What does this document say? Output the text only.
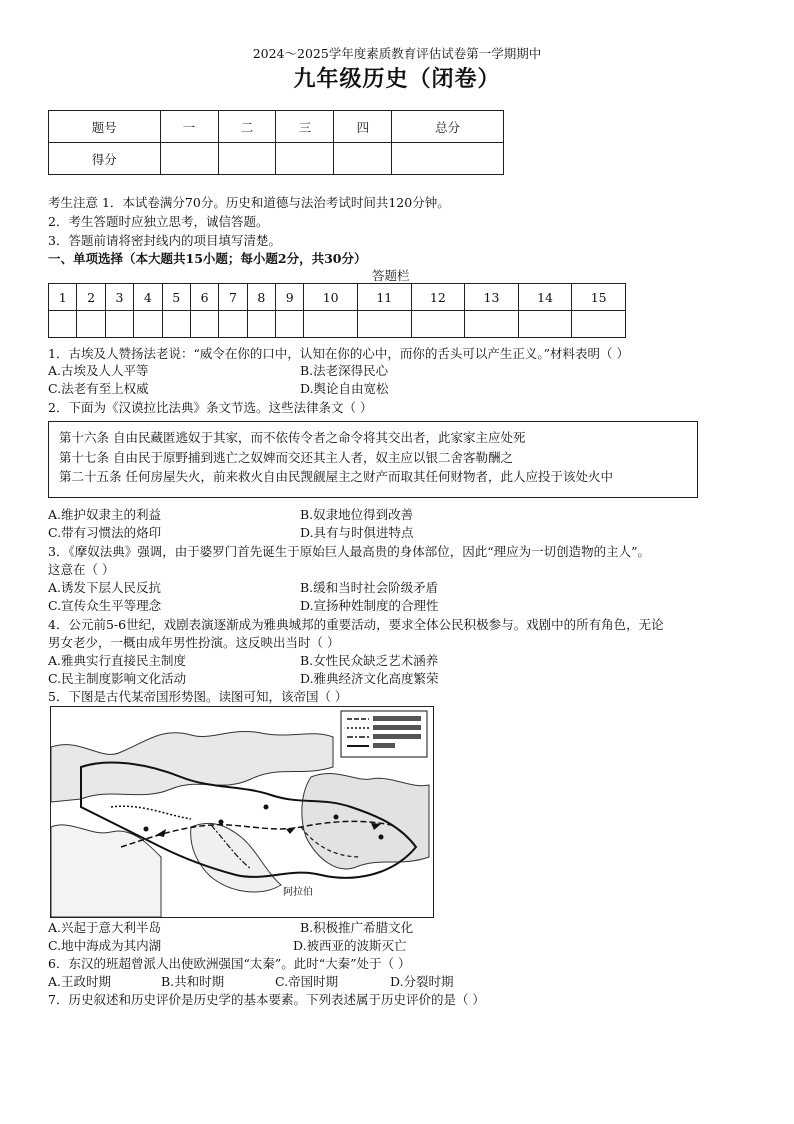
2024～2025学年度素质教育评估试卷第一学期期中
九年级历史（闭卷）
题号	一	二	三	四	总分
得分					
考生注意 1．本试卷满分70分。历史和道德与法治考试时间共120分钟。
2．考生答题时应独立思考，诚信答题。
3．答题前请将密封线内的项目填写清楚。
一、单项选择（本大题共15小题；每小题2分，共30分）
答题栏
1	2	3	4	5	6	7	8	9	10	11	12	13	14	15

1．古埃及人赞扬法老说：“威令在你的口中，认知在你的心中，而你的舌头可以产生正义。”材料表明（ ）
A.古埃及人人平等	B.法老深得民心
C.法老有至上权威	D.舆论自由宽松
2．下面为《汉谟拉比法典》条文节选。这些法律条文（ ）
第十六条 自由民藏匿逃奴于其家，而不依传令者之命令将其交出者，此家家主应处死
第十七条 自由民于原野捕到逃亡之奴婢而交还其主人者，奴主应以银二舍客勒酬之
第二十五条 任何房屋失火，前来救火自由民觊觎屋主之财产而取其任何财物者，此人应投于该处火中
A.维护奴隶主的利益	B.奴隶地位得到改善
C.带有习惯法的烙印	D.具有与时俱进特点
3．《摩奴法典》强调，由于婆罗门首先诞生于原始巨人最高贵的身体部位，因此“理应为一切创造物的主人”。
这意在（ ）
A.诱发下层人民反抗	B.缓和当时社会阶级矛盾
C.宣传众生平等理念	D.宣扬种姓制度的合理性
4．公元前5-6世纪，戏剧表演逐渐成为雅典城邦的重要活动，要求全体公民积极参与。戏剧中的所有角色，无论
男女老少，一概由成年男性扮演。这反映出当时（ ）
A.雅典实行直接民主制度	B.女性民众缺乏艺术涵养
C.民主制度影响文化活动	D.雅典经济文化高度繁荣
5．下图是古代某帝国形势图。读图可知，该帝国（ ）
阿拉伯
A.兴起于意大利半岛	B.积极推广希腊文化
C.地中海成为其内湖	D.被西亚的波斯灭亡
6．东汉的班超曾派人出使欧洲强国“太秦”。此时“大秦”处于（ ）
A.王政时期	B.共和时期	C.帝国时期	D.分裂时期
7．历史叙述和历史评价是历史学的基本要素。下列表述属于历史评价的是（ ）
